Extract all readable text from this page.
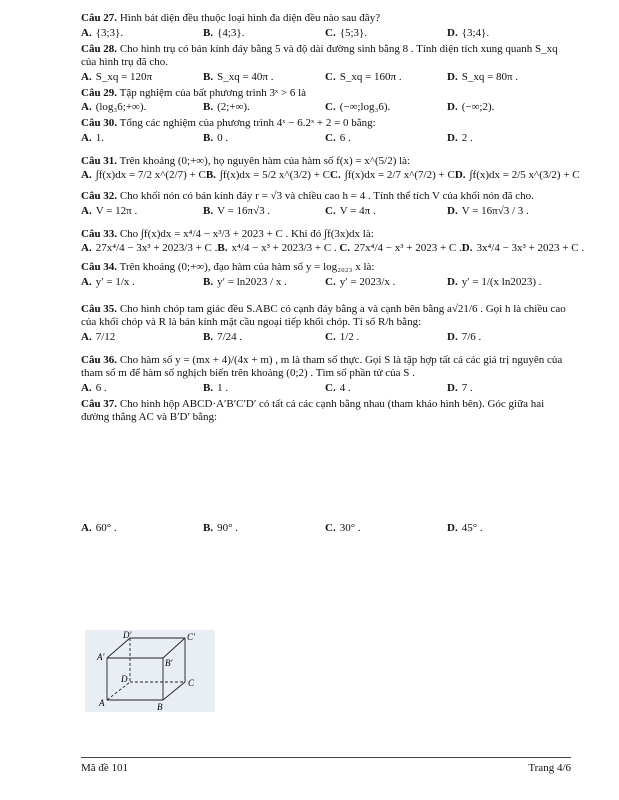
Câu 27. Hình bát diện đều thuộc loại hình đa diện đều nào sau đây?

A. {3;3}.	B. {4;3}.	C. {5;3}.	D. {3;4}.

Câu 28. Cho hình trụ có bán kính đáy bằng 5 và độ dài đường sinh bằng 8 . Tính diện tích xung quanh S_xq của hình trụ đã cho.

A. S_xq = 120π	B. S_xq = 40π .	C. S_xq = 160π .	D. S_xq = 80π .

Câu 29. Tập nghiệm của bất phương trình 3ˣ > 6 là

A. (log₃6;+∞).	B. (2;+∞).	C. (−∞;log₃6).	D. (−∞;2).

Câu 30. Tổng các nghiệm của phương trình 4ˣ − 6.2ˣ + 2 = 0 bằng:

A. 1.	B. 0 .	C. 6 .	D. 2 .

Câu 31. Trên khoảng (0;+∞), họ nguyên hàm của hàm số f(x) = x^(5/2) là:

A. ∫f(x)dx = 7/2 x^(2/7) + C B. ∫f(x)dx = 5/2 x^(3/2) + C C. ∫f(x)dx = 2/7 x^(7/2) + C D. ∫f(x)dx = 2/5 x^(3/2) + C

Câu 32. Cho khối nón có bán kính đáy r = √3 và chiều cao h = 4 . Tính thể tích V của khối nón đã cho.

A. V = 12π .	B. V = 16π√3 .	C. V = 4π .	D. V = 16π√3 / 3 .

Câu 33. Cho ∫f(x)dx = x⁴/4 − x³/3 + 2023 + C . Khi đó ∫f(3x)dx là:

A. 27x⁴/4 − 3x³ + 2023/3 + C . B. x⁴/4 − x³ + 2023/3 + C . C. 27x⁴/4 − x³ + 2023 + C . D. 3x⁴/4 − 3x³ + 2023 + C .

Câu 34. Trên khoảng (0;+∞), đạo hàm của hàm số y = log₂₀₂₃ x là:

A. y′ = 1/x .	B. y′ = ln2023 / x .	C. y′ = 2023/x .	D. y′ = 1/(x ln2023) .

Câu 35. Cho hình chóp tam giác đều S.ABC có cạnh đáy bằng a và cạnh bên bằng a√21/6 . Gọi h là chiều cao của khối chóp và R là bán kính mặt cầu ngoại tiếp khối chóp. Tỉ số R/h bằng:

A. 7/12	B. 7/24 .	C. 1/2 .	D. 7/6 .

Câu 36. Cho hàm số y = (mx + 4)/(4x + m) , m là tham số thực. Gọi S là tập hợp tất cả các giá trị nguyên của tham số m để hàm số nghịch biến trên khoảng (0;2) . Tìm số phần tử của S .

A. 6 .	B. 1 .	C. 4 .	D. 7 .

Câu 37. Cho hình hộp ABCD·A′B′C′D′ có tất cả các cạnh bằng nhau (tham khảo hình bên). Góc giữa hai đường thẳng AC và B′D′ bằng:

A. 60° .	B. 90° .	C. 30° .	D. 45° .
A′
D′	C′
B′
D	C
A	B
Mã đề 101	Trang 4/6
